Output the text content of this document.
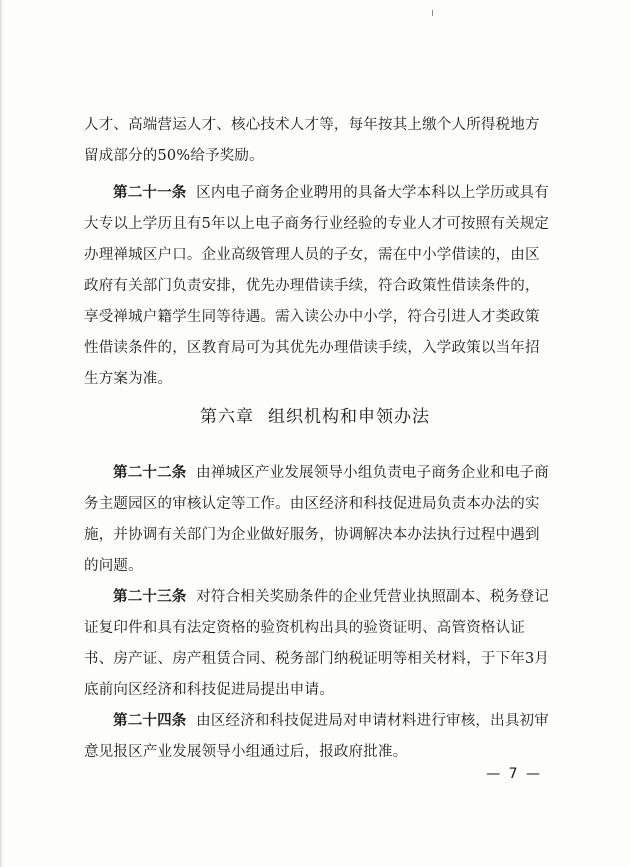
人才、高端营运人才、核心技术人才等，每年按其上缴个人所得税地方留成部分的50%给予奖励。

第二十一条 区内电子商务企业聘用的具备大学本科以上学历或具有大专以上学历且有5年以上电子商务行业经验的专业人才可按照有关规定办理禅城区户口。企业高级管理人员的子女，需在中小学借读的，由区政府有关部门负责安排，优先办理借读手续，符合政策性借读条件的，享受禅城户籍学生同等待遇。需入读公办中小学，符合引进人才类政策性借读条件的，区教育局可为其优先办理借读手续，入学政策以当年招生方案为准。

第六章 组织机构和申领办法

第二十二条 由禅城区产业发展领导小组负责电子商务企业和电子商务主题园区的审核认定等工作。由区经济和科技促进局负责本办法的实施，并协调有关部门为企业做好服务，协调解决本办法执行过程中遇到的问题。

第二十三条 对符合相关奖励条件的企业凭营业执照副本、税务登记证复印件和具有法定资格的验资机构出具的验资证明、高管资格认证书、房产证、房产租赁合同、税务部门纳税证明等相关材料，于下年3月底前向区经济和科技促进局提出申请。

第二十四条 由区经济和科技促进局对申请材料进行审核，出具初审意见报区产业发展领导小组通过后，报政府批准。

— 7 —
